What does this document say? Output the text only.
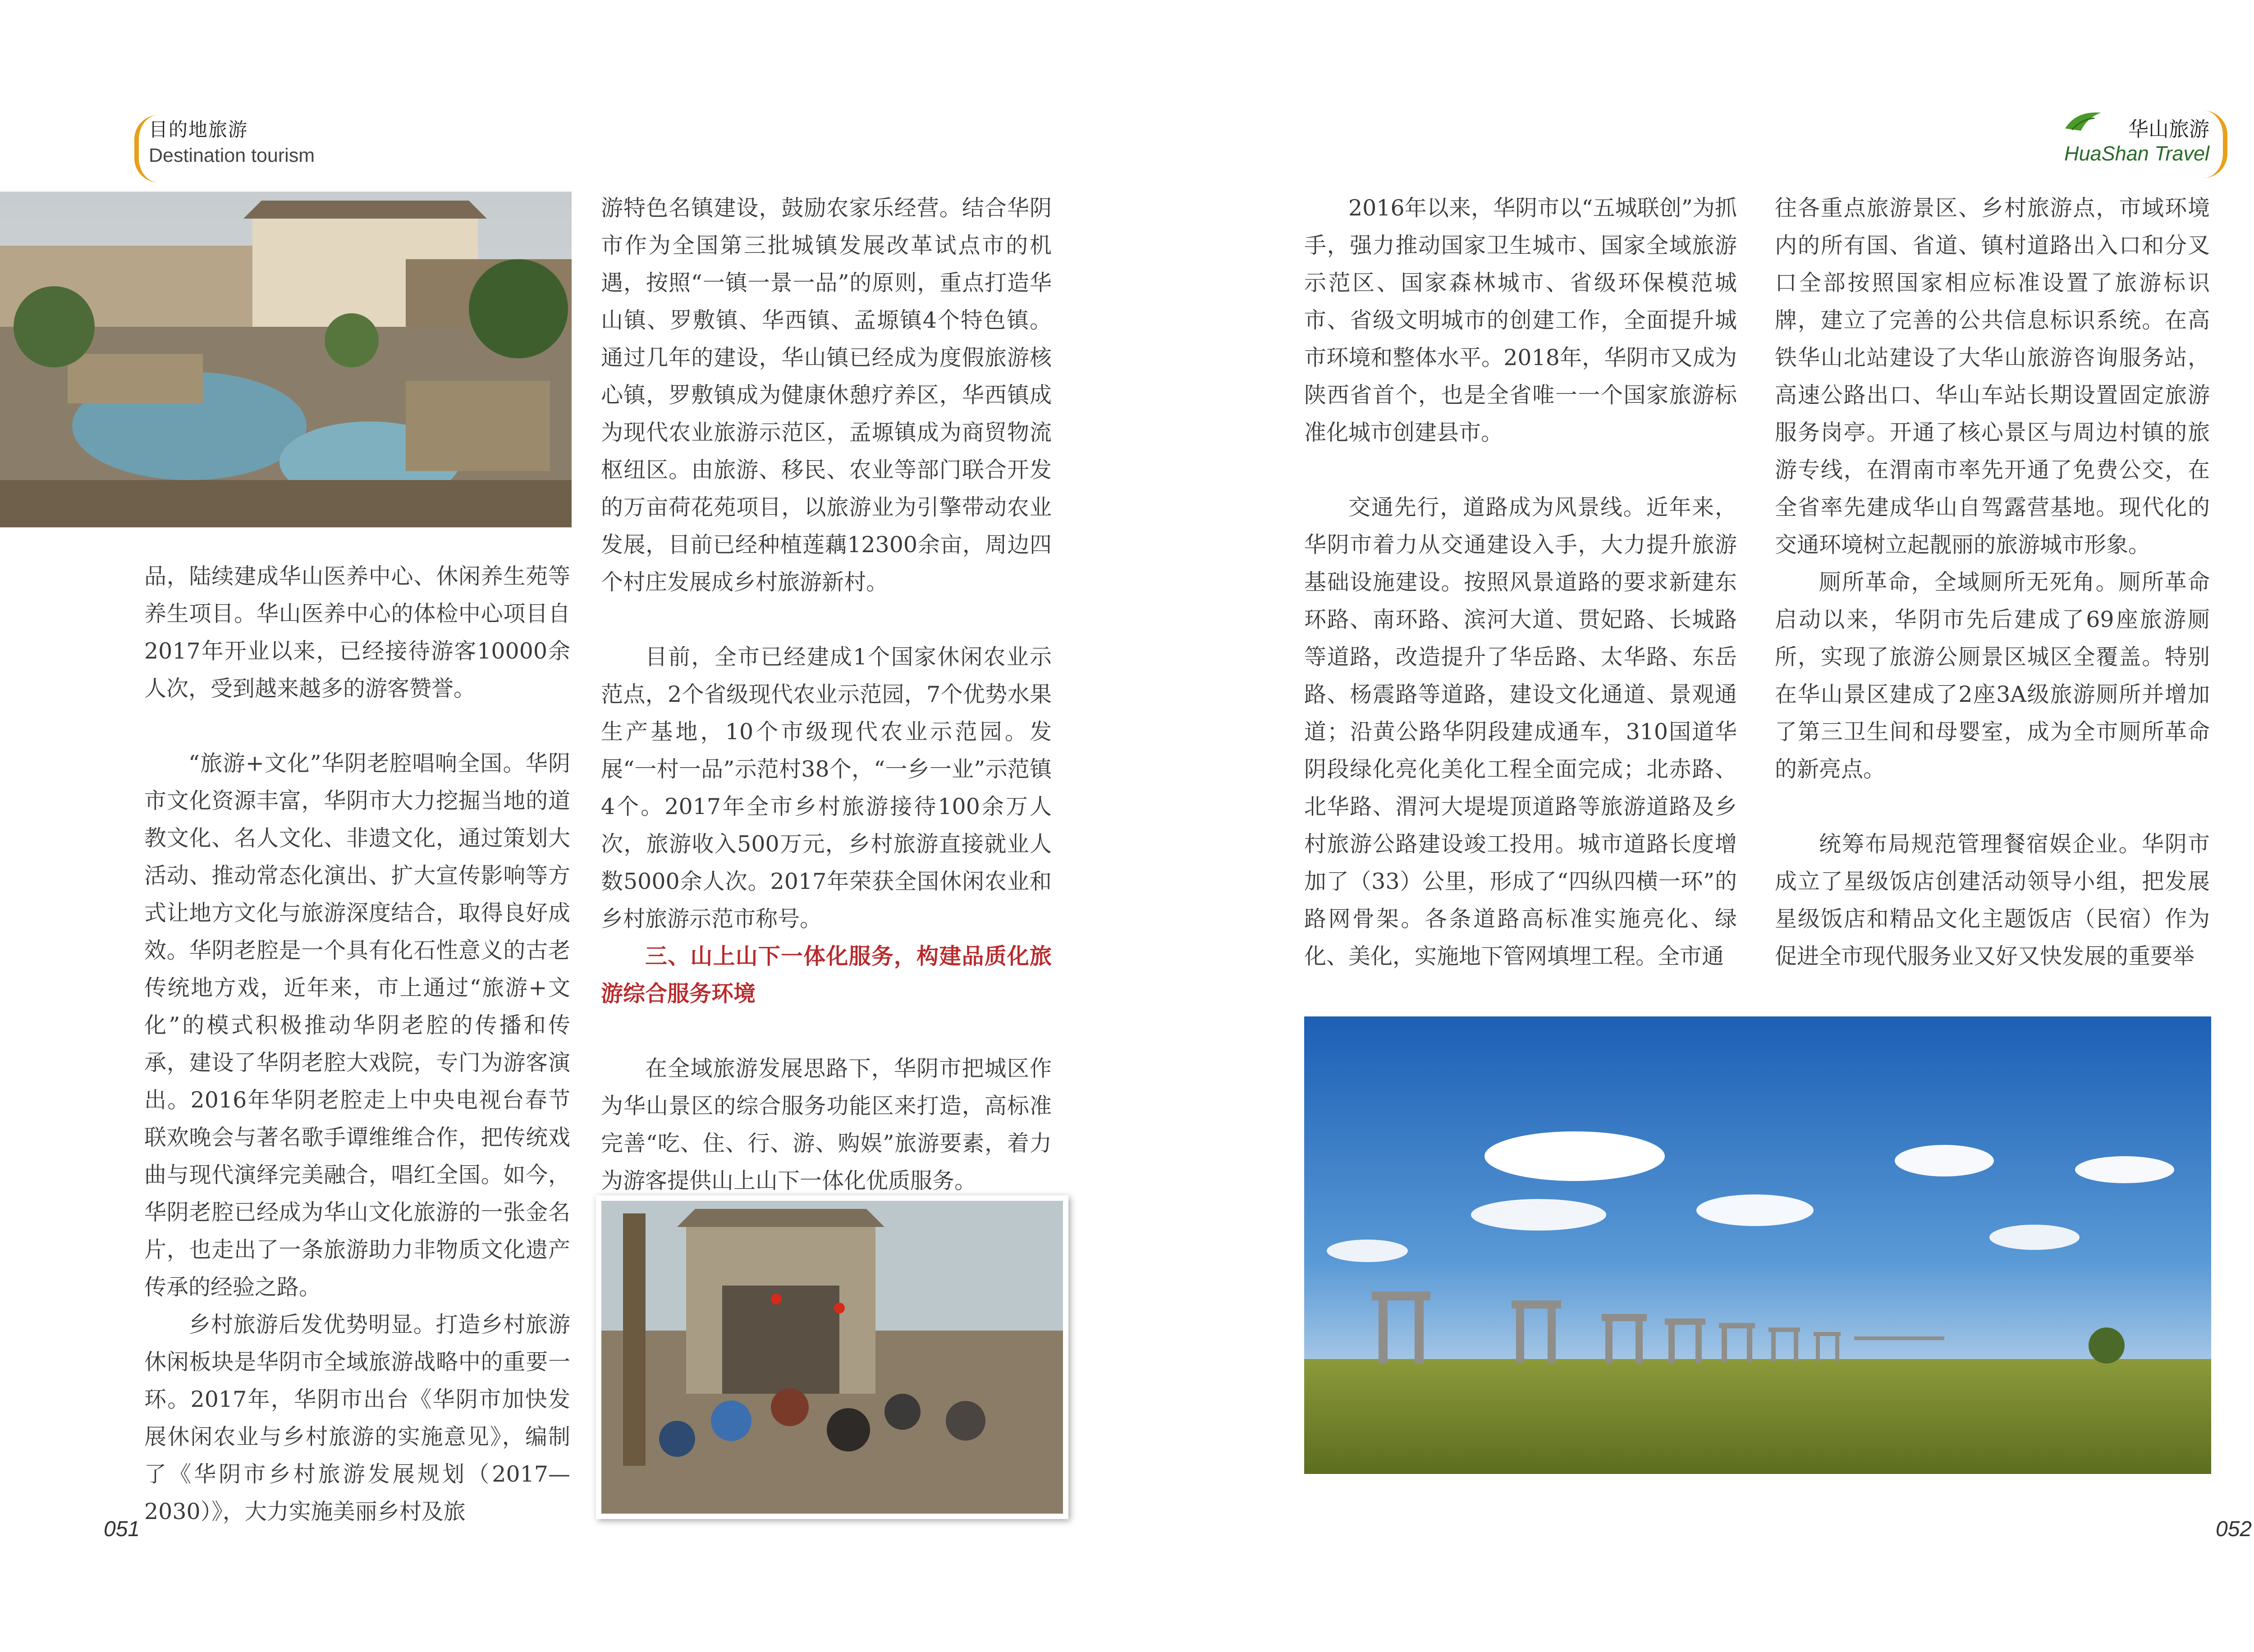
目的地旅游
Destination tourism
华山旅游
HuaShan Travel

品，陆续建成华山医养中心、休闲养生苑等养生项目。华山医养中心的体检中心项目自2017年开业以来，已经接待游客10000余人次，受到越来越多的游客赞誉。

“旅游+文化”华阴老腔唱响全国。华阴市文化资源丰富，华阴市大力挖掘当地的道教文化、名人文化、非遗文化，通过策划大活动、推动常态化演出、扩大宣传影响等方式让地方文化与旅游深度结合，取得良好成效。华阴老腔是一个具有化石性意义的古老传统地方戏，近年来，市上通过“旅游+文化”的模式积极推动华阴老腔的传播和传承，建设了华阴老腔大戏院，专门为游客演出。2016年华阴老腔走上中央电视台春节联欢晚会与著名歌手谭维维合作，把传统戏曲与现代演绎完美融合，唱红全国。如今，华阴老腔已经成为华山文化旅游的一张金名片，也走出了一条旅游助力非物质文化遗产传承的经验之路。

乡村旅游后发优势明显。打造乡村旅游休闲板块是华阴市全域旅游战略中的重要一环。2017年，华阴市出台《华阴市加快发展休闲农业与乡村旅游的实施意见》，编制了《华阴市乡村旅游发展规划（2017—2030）》，大力实施美丽乡村及旅

游特色名镇建设，鼓励农家乐经营。结合华阴市作为全国第三批城镇发展改革试点市的机遇，按照“一镇一景一品”的原则，重点打造华山镇、罗敷镇、华西镇、孟塬镇4个特色镇。通过几年的建设，华山镇已经成为度假旅游核心镇，罗敷镇成为健康休憩疗养区，华西镇成为现代农业旅游示范区，孟塬镇成为商贸物流枢纽区。由旅游、移民、农业等部门联合开发的万亩荷花苑项目，以旅游业为引擎带动农业发展，目前已经种植莲藕12300余亩，周边四个村庄发展成乡村旅游新村。

目前，全市已经建成1个国家休闲农业示范点，2个省级现代农业示范园，7个优势水果生产基地，10个市级现代农业示范园。发展“一村一品”示范村38个，“一乡一业”示范镇4个。2017年全市乡村旅游接待100余万人次，旅游收入500万元，乡村旅游直接就业人数5000余人次。2017年荣获全国休闲农业和乡村旅游示范市称号。

三、山上山下一体化服务，构建品质化旅游综合服务环境

在全域旅游发展思路下，华阴市把城区作为华山景区的综合服务功能区来打造，高标准完善“吃、住、行、游、购娱”旅游要素，着力为游客提供山上山下一体化优质服务。

2016年以来，华阴市以“五城联创”为抓手，强力推动国家卫生城市、国家全域旅游示范区、国家森林城市、省级环保模范城市、省级文明城市的创建工作，全面提升城市环境和整体水平。2018年，华阴市又成为陕西省首个，也是全省唯一一个国家旅游标准化城市创建县市。

交通先行，道路成为风景线。近年来，华阴市着力从交通建设入手，大力提升旅游基础设施建设。按照风景道路的要求新建东环路、南环路、滨河大道、贯妃路、长城路等道路，改造提升了华岳路、太华路、东岳路、杨震路等道路，建设文化通道、景观通道；沿黄公路华阴段建成通车，310国道华阴段绿化亮化美化工程全面完成；北赤路、北华路、渭河大堤堤顶道路等旅游道路及乡村旅游公路建设竣工投用。城市道路长度增加了（33）公里，形成了“四纵四横一环”的路网骨架。各条道路高标准实施亮化、绿化、美化，实施地下管网填埋工程。全市通

往各重点旅游景区、乡村旅游点，市域环境内的所有国、省道、镇村道路出入口和分叉口全部按照国家相应标准设置了旅游标识牌，建立了完善的公共信息标识系统。在高铁华山北站建设了大华山旅游咨询服务站，高速公路出口、华山车站长期设置固定旅游服务岗亭。开通了核心景区与周边村镇的旅游专线，在渭南市率先开通了免费公交，在全省率先建成华山自驾露营基地。现代化的交通环境树立起靓丽的旅游城市形象。

厕所革命，全域厕所无死角。厕所革命启动以来，华阴市先后建成了69座旅游厕所，实现了旅游公厕景区城区全覆盖。特别在华山景区建成了2座3A级旅游厕所并增加了第三卫生间和母婴室，成为全市厕所革命的新亮点。

统筹布局规范管理餐宿娱企业。华阴市成立了星级饭店创建活动领导小组，把发展星级饭店和精品文化主题饭店（民宿）作为促进全市现代服务业又好又快发展的重要举

051	052
